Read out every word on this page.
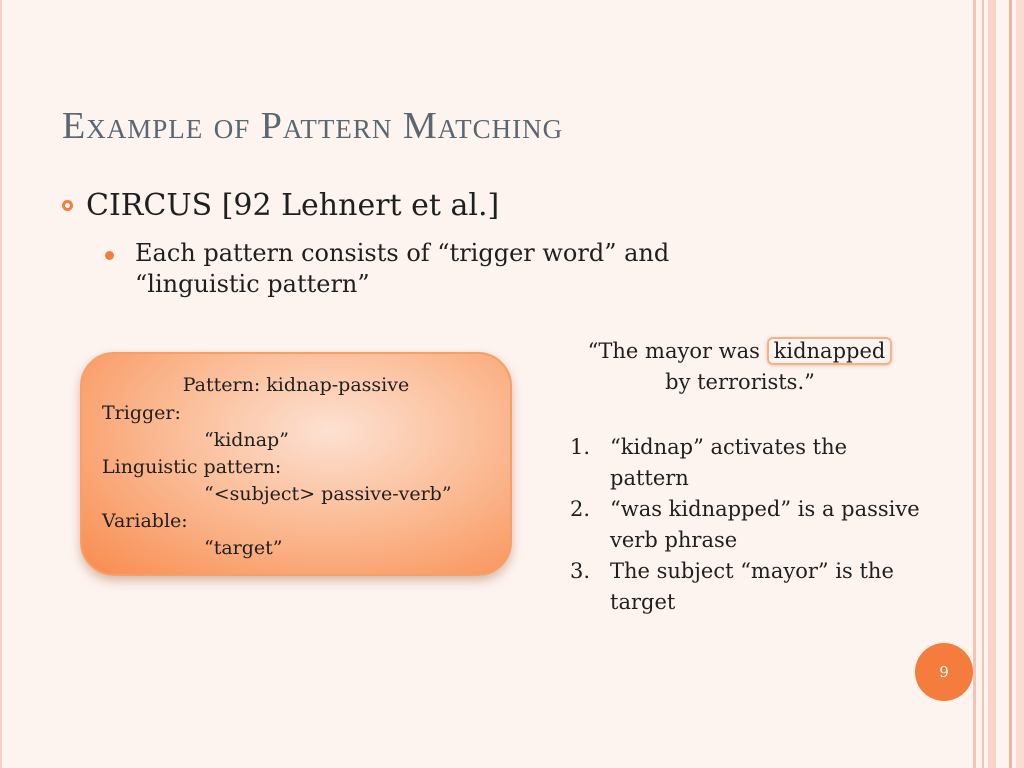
Example of Pattern Matching
CIRCUS [92 Lehnert et al.]
Each pattern consists of “trigger word” and “linguistic pattern”
Pattern: kidnap-passive
Trigger:
“kidnap”
Linguistic pattern:
“<subject> passive-verb”
Variable:
“target”
“The mayor was kidnapped
by terrorists.”
1. “kidnap” activates the pattern
2. “was kidnapped” is a passive verb phrase
3. The subject “mayor” is the target
9
